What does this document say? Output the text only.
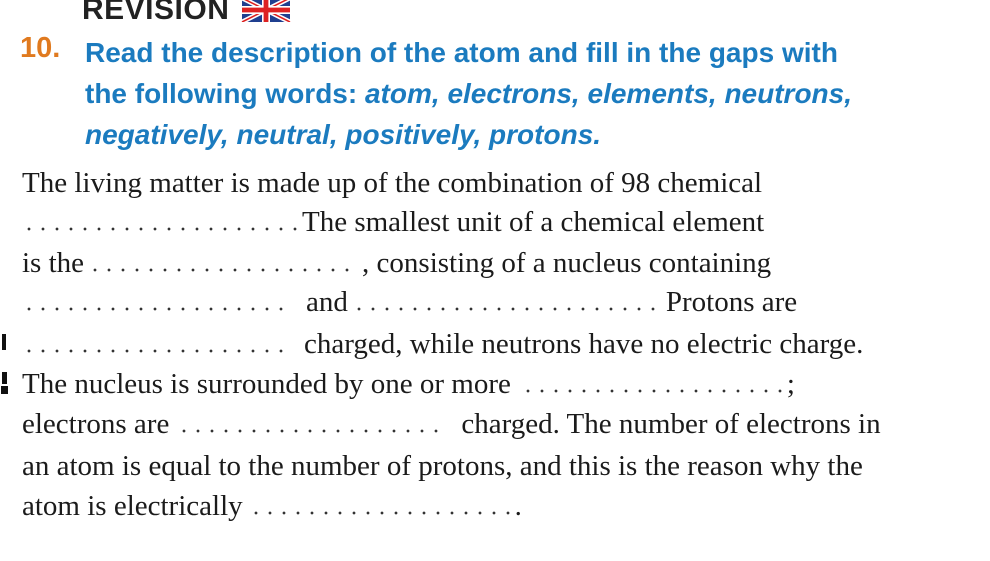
REVISION
10. Read the description of the atom and fill in the gaps with
the following words: atom, electrons, elements, neutrons,
negatively, neutral, positively, protons.
The living matter is made up of the combination of 98 chemical
The smallest unit of a chemical element
is the	, consisting of a nucleus containing
and	Protons are
charged, while neutrons have no electric charge.
The nucleus is surrounded by one or more	;
electrons are	charged. The number of electrons in
an atom is equal to the number of protons, and this is the reason why the
atom is electrically	.
